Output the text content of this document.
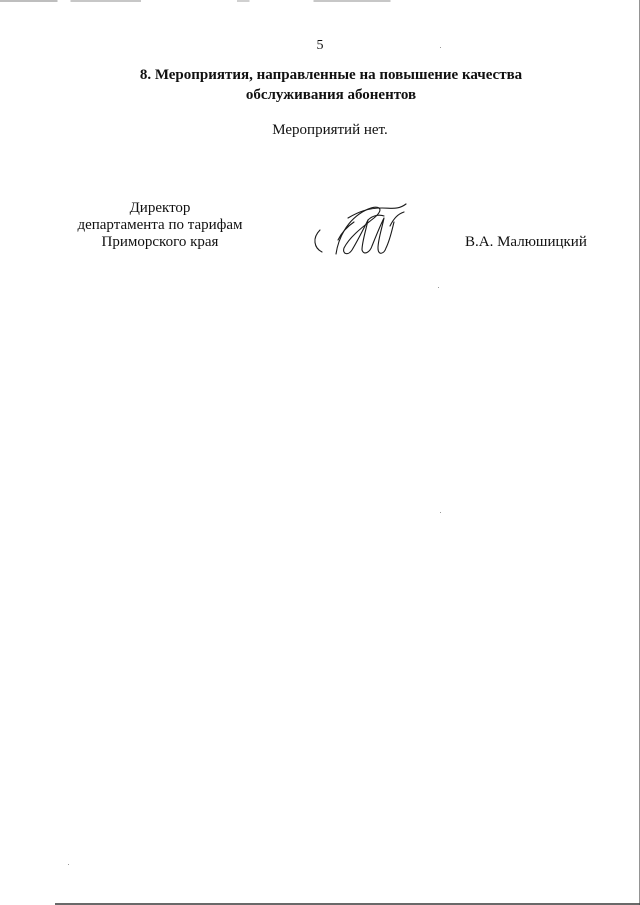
5
8. Мероприятия, направленные на повышение качества
обслуживания абонентов
Мероприятий нет.
Директор
департамента по тарифам
Приморского края	В.А. Малюшицкий
